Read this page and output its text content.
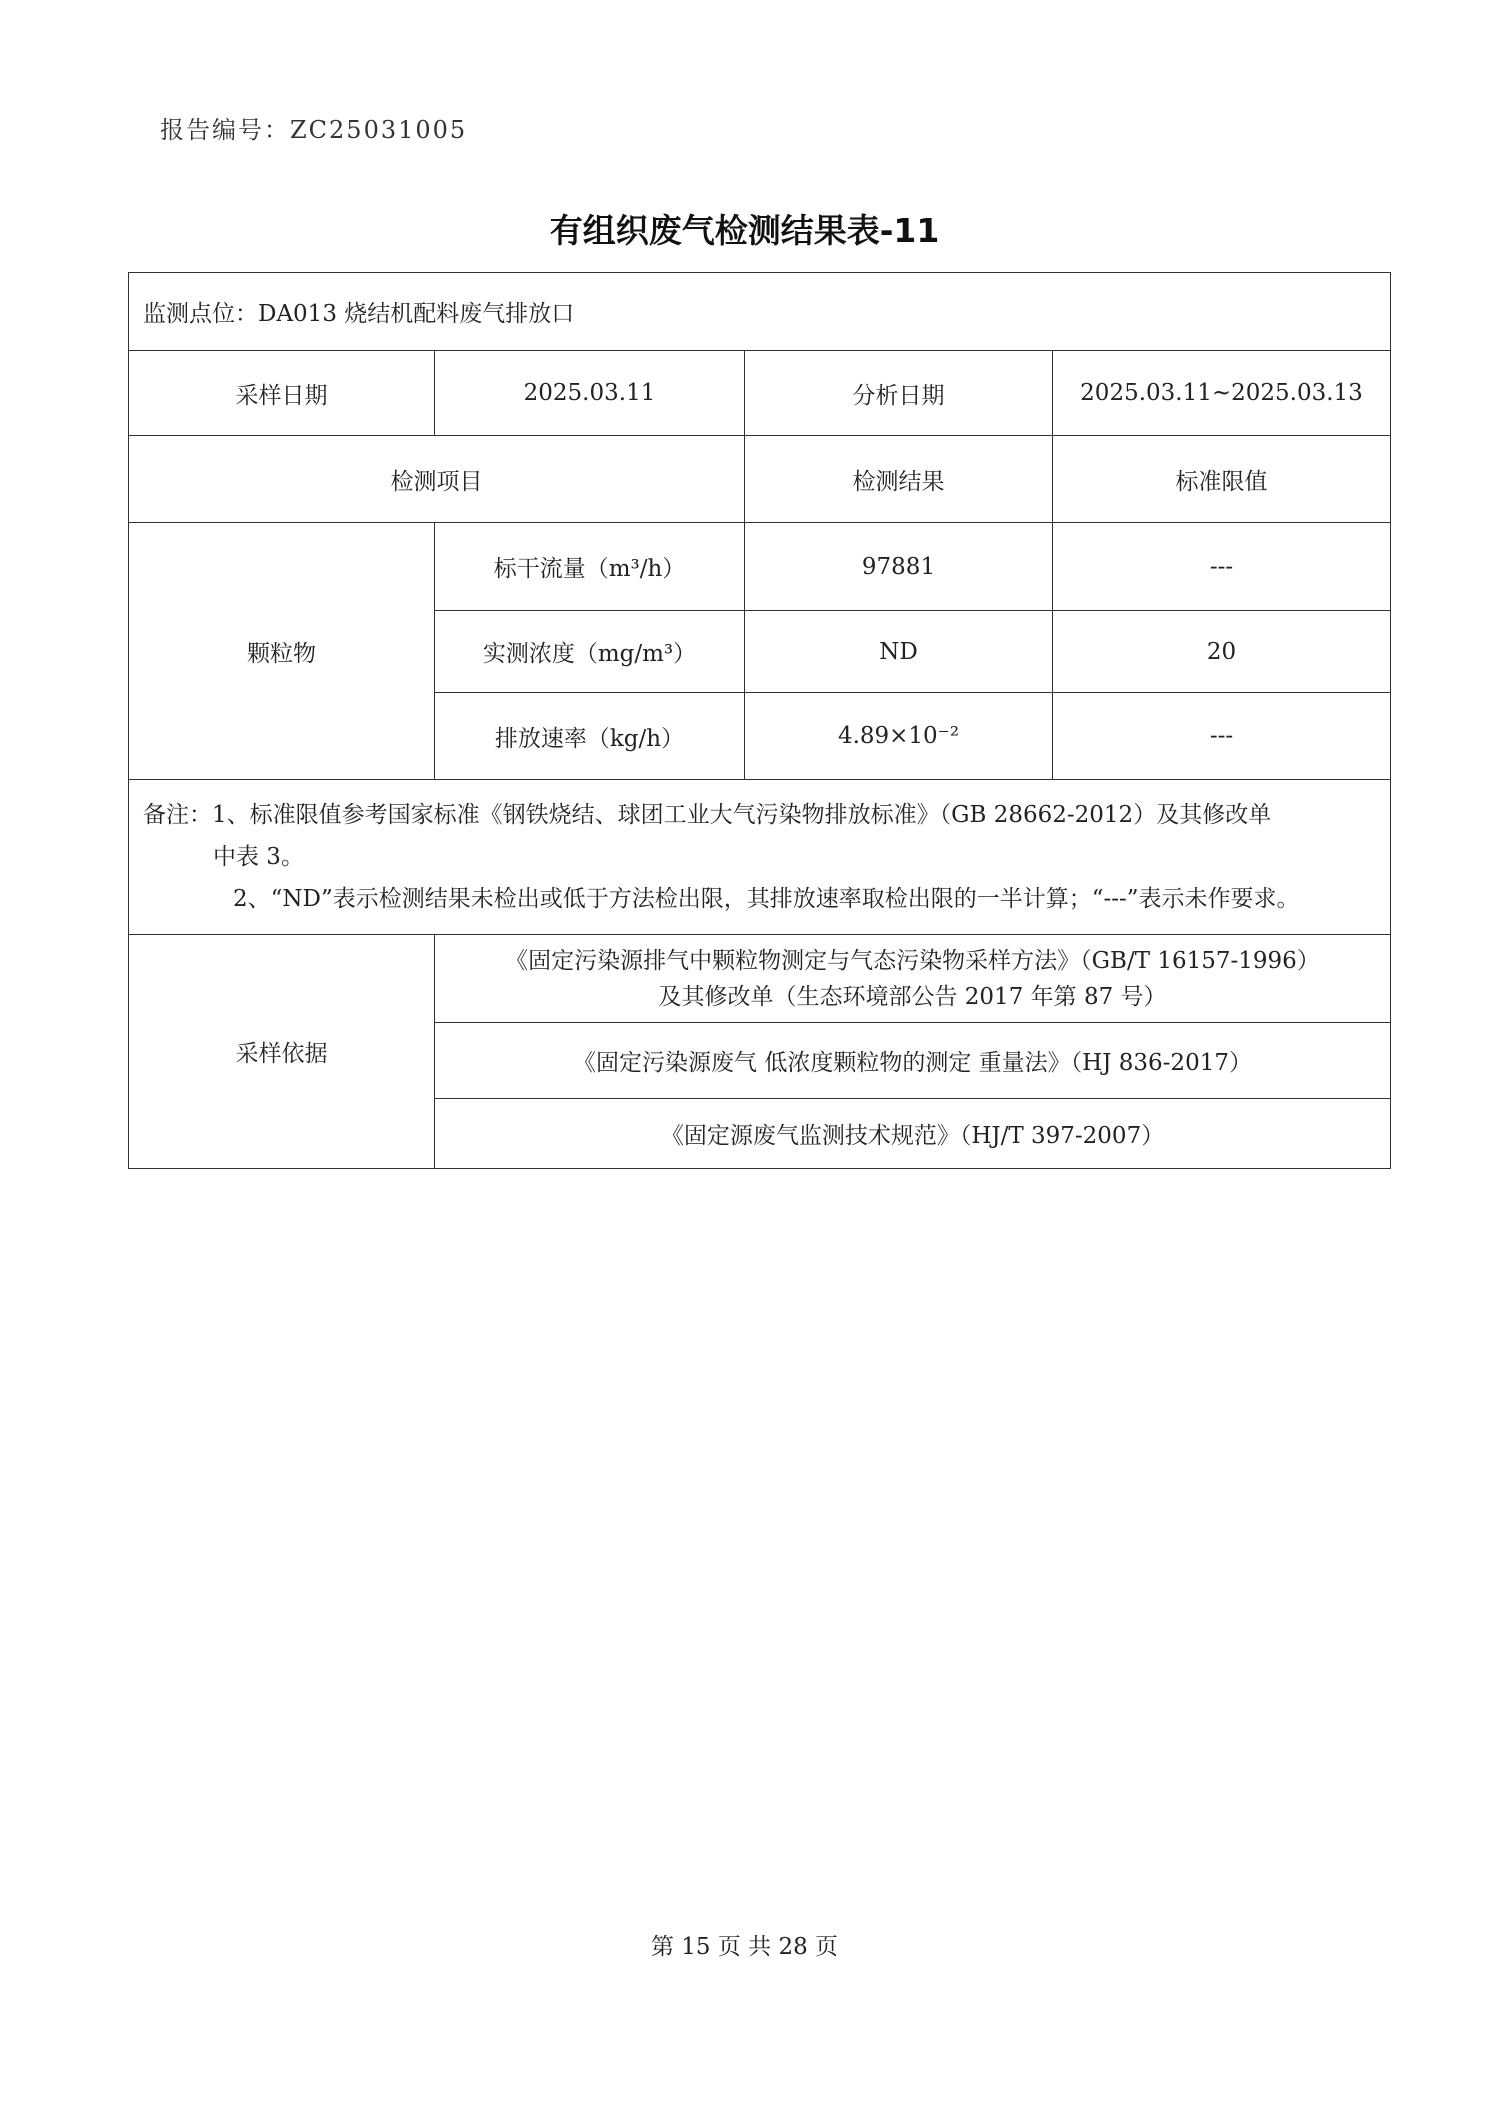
报告编号：ZC25031005
有组织废气检测结果表-11
监测点位：DA013 烧结机配料废气排放口			
采样日期	2025.03.11	分析日期	2025.03.11~2025.03.13
检测项目		检测结果	标准限值
颗粒物	标干流量（m³/h）	97881	---
	实测浓度（mg/m³）	ND	20
	排放速率（kg/h）	4.89×10⁻²	---

备注：1、标准限值参考国家标准《钢铁烧结、球团工业大气污染物排放标准》（GB 28662-2012）及其修改单
中表 3。
2、“ND”表示检测结果未检出或低于方法检出限，其排放速率取检出限的一半计算；“---”表示未作要求。			

采样依据	《固定污染源排气中颗粒物测定与气态污染物采样方法》（GB/T 16157-1996）
及其修改单（生态环境部公告 2017 年第 87 号）		

	《固定污染源废气 低浓度颗粒物的测定 重量法》（HJ 836-2017）		
	《固定源废气监测技术规范》（HJ/T 397-2007）		
第 15 页 共 28 页
